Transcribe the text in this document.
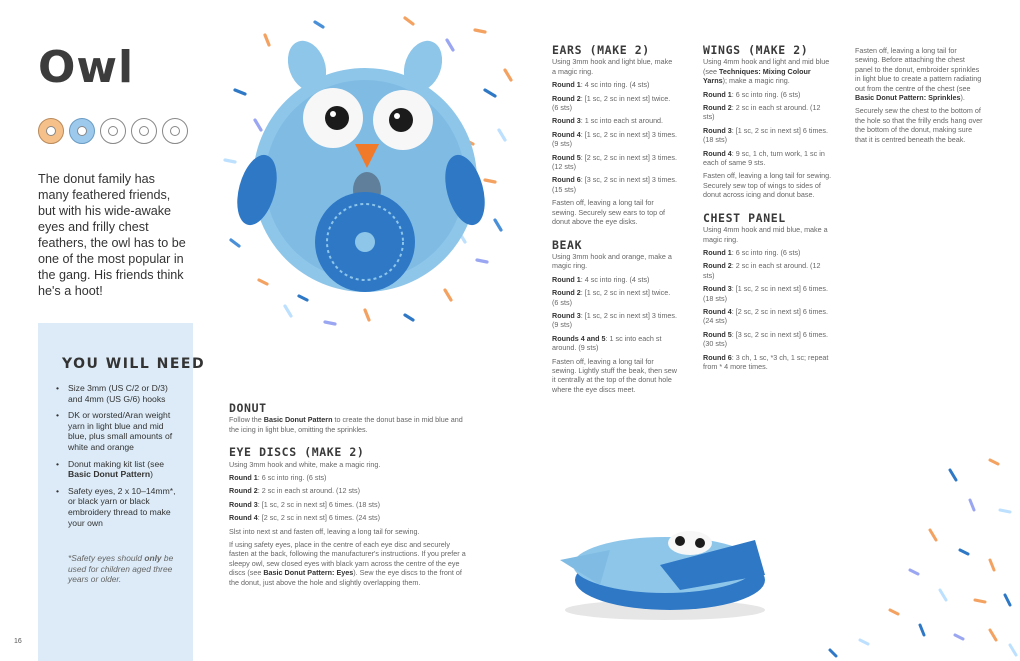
Owl
The donut family has many feathered friends, but with his wide-awake eyes and frilly chest feathers, the owl has to be one of the most popular in the gang. His friends think he's a hoot!
YOU WILL NEED
• Size 3mm (US C/2 or D/3) and 4mm (US G/6) hooks
• DK or worsted/Aran weight yarn in light blue and mid blue, plus small amounts of white and orange
• Donut making kit list (see Basic Donut Pattern)
• Safety eyes, 2 x 10–14mm*, or black yarn or black embroidery thread to make your own
*Safety eyes should only be used for children aged three years or older.
16
DONUT

Follow the Basic Donut Pattern to create the donut base in mid blue and the icing in light blue, omitting the sprinkles.

EYE DISCS (MAKE 2)

Using 3mm hook and white, make a magic ring.

Round 1: 6 sc into ring. (6 sts)
Round 2: 2 sc in each st around. (12 sts)
Round 3: [1 sc, 2 sc in next st] 6 times. (18 sts)
Round 4: [2 sc, 2 sc in next st] 6 times. (24 sts)

Slst into next st and fasten off, leaving a long tail for sewing.

If using safety eyes, place in the centre of each eye disc and securely fasten at the back, following the manufacturer's instructions. If you prefer a sleepy owl, sew closed eyes with black yarn across the centre of the eye discs (see Basic Donut Pattern: Eyes). Sew the eye discs to the front of the donut, just above the hole and slightly overlapping them.

EARS (MAKE 2)

Using 3mm hook and light blue, make a magic ring.

Round 1: 4 sc into ring. (4 sts)
Round 2: [1 sc, 2 sc in next st] twice. (6 sts)
Round 3: 1 sc into each st around.
Round 4: [1 sc, 2 sc in next st] 3 times. (9 sts)
Round 5: [2 sc, 2 sc in next st] 3 times. (12 sts)
Round 6: [3 sc, 2 sc in next st] 3 times. (15 sts)

Fasten off, leaving a long tail for sewing. Securely sew ears to top of donut above the eye disks.

BEAK

Using 3mm hook and orange, make a magic ring.

Round 1: 4 sc into ring. (4 sts)
Round 2: [1 sc, 2 sc in next st] twice. (6 sts)
Round 3: [1 sc, 2 sc in next st] 3 times. (9 sts)
Rounds 4 and 5: 1 sc into each st around. (9 sts)

Fasten off, leaving a long tail for sewing. Lightly stuff the beak, then sew it centrally at the top of the donut hole where the eye discs meet.

WINGS (MAKE 2)

Using 4mm hook and light and mid blue (see Techniques: Mixing Colour Yarns); make a magic ring.

Round 1: 6 sc into ring. (6 sts)
Round 2: 2 sc in each st around. (12 sts)
Round 3: [1 sc, 2 sc in next st] 6 times. (18 sts)
Round 4: 9 sc, 1 ch, turn work, 1 sc in each of same 9 sts.

Fasten off, leaving a long tail for sewing. Securely sew top of wings to sides of donut across icing and donut base.

CHEST PANEL

Using 4mm hook and mid blue, make a magic ring.

Round 1: 6 sc into ring. (6 sts)
Round 2: 2 sc in each st around. (12 sts)
Round 3: [1 sc, 2 sc in next st] 6 times. (18 sts)
Round 4: [2 sc, 2 sc in next st] 6 times. (24 sts)
Round 5: [3 sc, 2 sc in next st] 6 times. (30 sts)
Round 6: 3 ch, 1 sc, *3 ch, 1 sc; repeat from * 4 more times.

Fasten off, leaving a long tail for sewing. Before attaching the chest panel to the donut, embroider sprinkles in light blue to create a pattern radiating out from the centre of the chest (see Basic Donut Pattern: Sprinkles).

Securely sew the chest to the bottom of the hole so that the frilly ends hang over the bottom of the donut, making sure that it is centred beneath the beak.
